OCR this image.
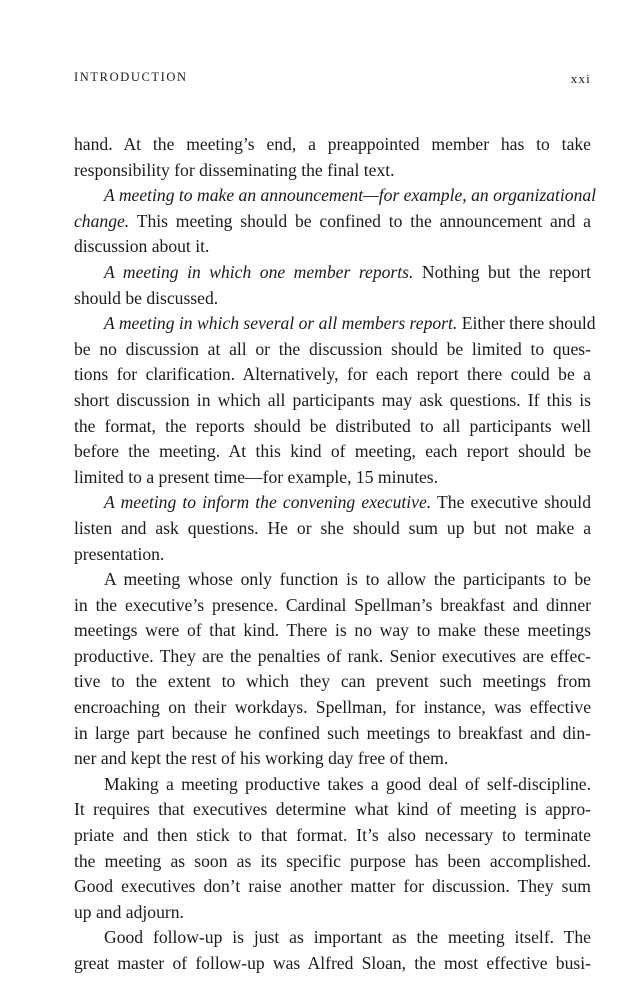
INTRODUCTION	xxi
hand. At the meeting’s end, a preappointed member has to take
responsibility for disseminating the final text.
A meeting to make an announcement—for example, an organizational
change. This meeting should be confined to the announcement and a
discussion about it.
A meeting in which one member reports. Nothing but the report
should be discussed.
A meeting in which several or all members report. Either there should
be no discussion at all or the discussion should be limited to ques-
tions for clarification. Alternatively, for each report there could be a
short discussion in which all participants may ask questions. If this is
the format, the reports should be distributed to all participants well
before the meeting. At this kind of meeting, each report should be
limited to a present time—for example, 15 minutes.
A meeting to inform the convening executive. The executive should
listen and ask questions. He or she should sum up but not make a
presentation.
A meeting whose only function is to allow the participants to be
in the executive’s presence. Cardinal Spellman’s breakfast and dinner
meetings were of that kind. There is no way to make these meetings
productive. They are the penalties of rank. Senior executives are effec-
tive to the extent to which they can prevent such meetings from
encroaching on their workdays. Spellman, for instance, was effective
in large part because he confined such meetings to breakfast and din-
ner and kept the rest of his working day free of them.
Making a meeting productive takes a good deal of self-discipline.
It requires that executives determine what kind of meeting is appro-
priate and then stick to that format. It’s also necessary to terminate
the meeting as soon as its specific purpose has been accomplished.
Good executives don’t raise another matter for discussion. They sum
up and adjourn.
Good follow-up is just as important as the meeting itself. The
great master of follow-up was Alfred Sloan, the most effective busi-
